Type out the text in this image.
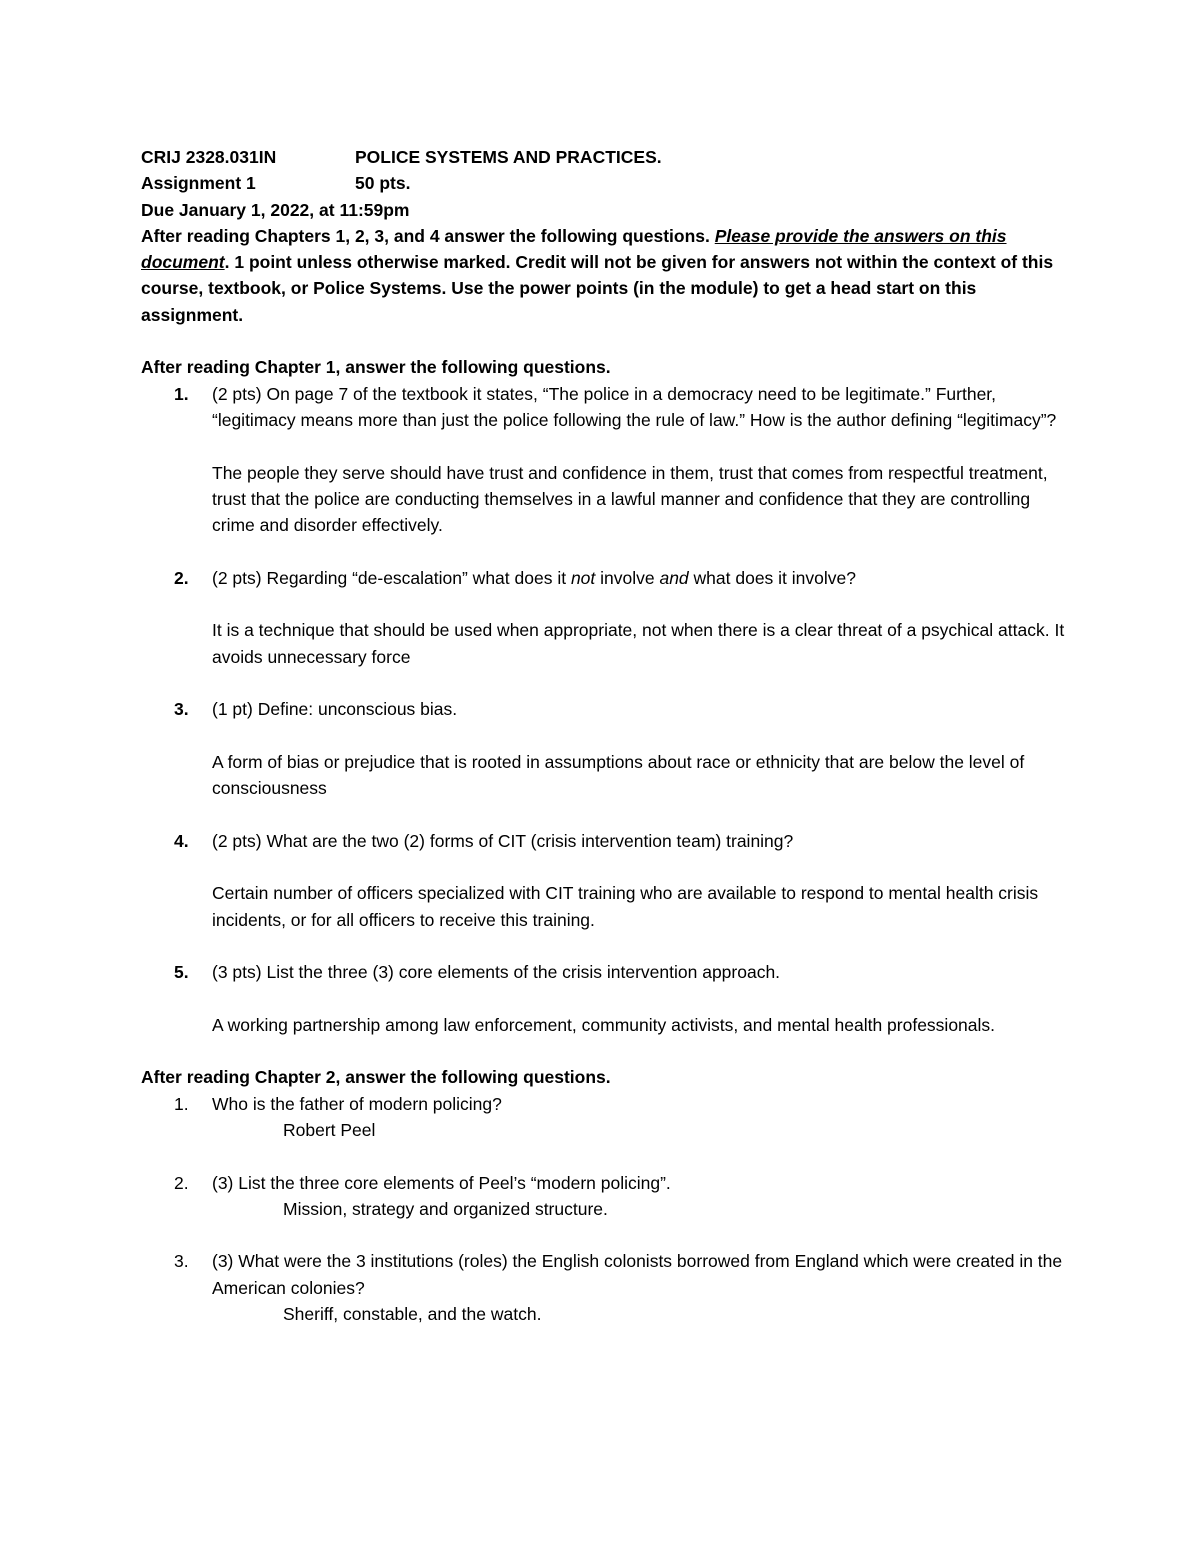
CRIJ 2328.031IN	POLICE SYSTEMS AND PRACTICES.
Assignment 1	50 pts.
Due January 1, 2022, at 11:59pm
After reading Chapters 1, 2, 3, and 4 answer the following questions. Please provide the answers on this document. 1 point unless otherwise marked. Credit will not be given for answers not within the context of this course, textbook, or Police Systems. Use the power points (in the module) to get a head start on this assignment.
After reading Chapter 1, answer the following questions.
1. (2 pts) On page 7 of the textbook it states, “The police in a democracy need to be legitimate.” Further, “legitimacy means more than just the police following the rule of law.” How is the author defining “legitimacy”?
The people they serve should have trust and confidence in them, trust that comes from respectful treatment, trust that the police are conducting themselves in a lawful manner and confidence that they are controlling crime and disorder effectively.
2. (2 pts) Regarding “de-escalation” what does it not involve and what does it involve?
It is a technique that should be used when appropriate, not when there is a clear threat of a psychical attack. It avoids unnecessary force
3. (1 pt) Define: unconscious bias.
A form of bias or prejudice that is rooted in assumptions about race or ethnicity that are below the level of consciousness
4. (2 pts) What are the two (2) forms of CIT (crisis intervention team) training?
Certain number of officers specialized with CIT training who are available to respond to mental health crisis incidents, or for all officers to receive this training.
5. (3 pts) List the three (3) core elements of the crisis intervention approach.
A working partnership among law enforcement, community activists, and mental health professionals.
After reading Chapter 2, answer the following questions.
1. Who is the father of modern policing?
Robert Peel
2. (3) List the three core elements of Peel’s “modern policing”.
Mission, strategy and organized structure.
3. (3) What were the 3 institutions (roles) the English colonists borrowed from England which were created in the American colonies?
Sheriff, constable, and the watch.
